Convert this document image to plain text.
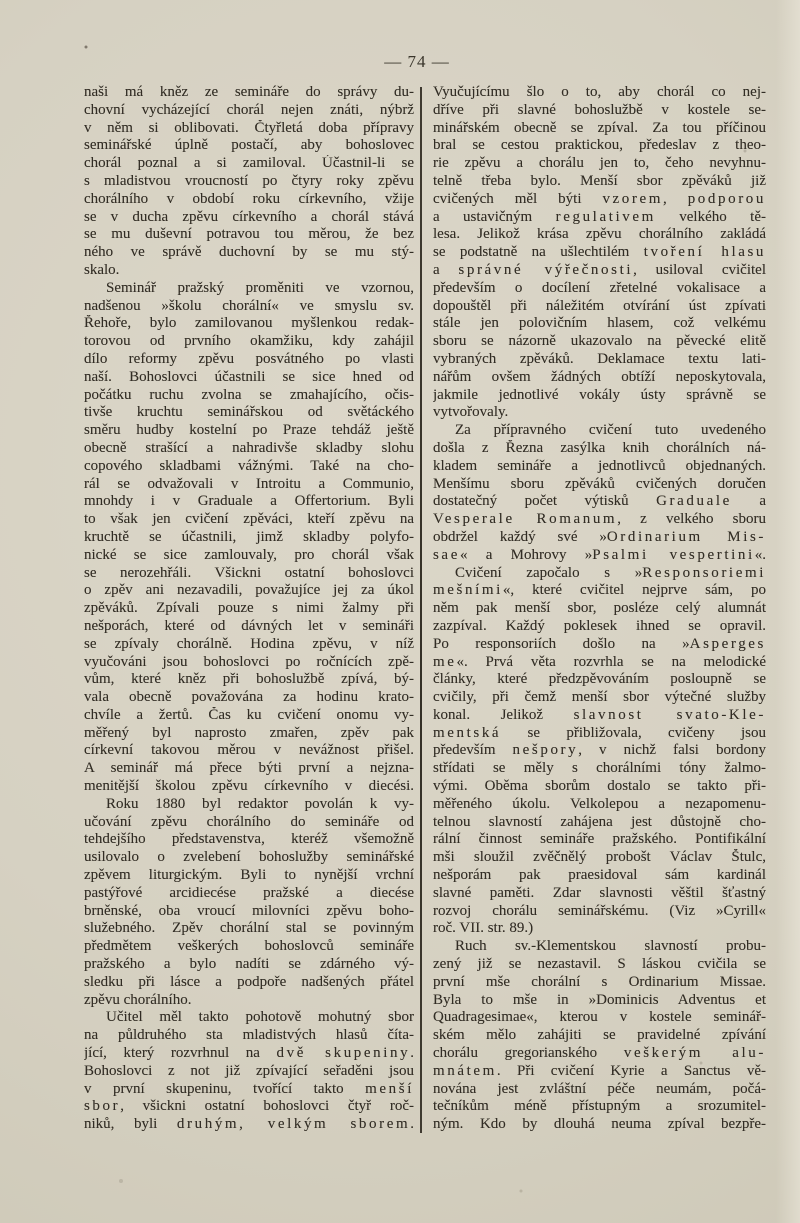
— 74 —
naši má kněz ze semináře do správy du-
chovní vycházející chorál nejen znáti, nýbrž
v něm si oblibovati. Čtyřletá doba přípravy
seminářské úplně postačí, aby bohoslovec
chorál poznal a si zamiloval. Účastnil-li se
s mladistvou vroucností po čtyry roky zpěvu
chorálního v období roku církevního, vžije
se v ducha zpěvu církevního a chorál stává
se mu duševní potravou tou měrou, že bez
ného ve správě duchovní by se mu stý-
skalo.
Seminář pražský proměniti ve vzornou,
nadšenou »školu chorální« ve smyslu sv.
Řehoře, bylo zamilovanou myšlenkou redak-
torovou od prvního okamžiku, kdy zahájil
dílo reformy zpěvu posvátného po vlasti
naší. Bohoslovci účastnili se sice hned od
počátku ruchu zvolna se zmahajícího, očis-
tivše kruchtu seminářskou od světáckého
směru hudby kostelní po Praze tehdáž ještě
obecně strašící a nahradivše skladby slohu
copového skladbami vážnými. Také na cho-
rál se odvažovali v Introitu a Communio,
mnohdy i v Graduale a Offertorium. Byli
to však jen cvičení zpěváci, kteří zpěvu na
kruchtě se účastnili, jimž skladby polyfo-
nické se sice zamlouvaly, pro chorál však
se nerozehřáli. Všickni ostatní bohoslovci
o zpěv ani nezavadili, považujíce jej za úkol
zpěváků. Zpívali pouze s nimi žalmy při
nešporách, které od dávných let v semináři
se zpívaly chorálně. Hodina zpěvu, v níž
vyučováni jsou bohoslovci po ročnících zpě-
vům, které kněz při bohoslužbě zpívá, bý-
vala obecně považována za hodinu krato-
chvíle a žertů. Čas ku cvičení onomu vy-
měřený byl naprosto zmařen, zpěv pak
církevní takovou měrou v nevážnost přišel.
A seminář má přece býti první a nejzna-
menitější školou zpěvu církevního v diecési.
Roku 1880 byl redaktor povolán k vy-
učování zpěvu chorálního do semináře od
tehdejšího představenstva, kteréž všemožně
usilovalo o zvelebení bohoslužby seminářské
zpěvem liturgickým. Byli to nynější vrchní
pastýřové arcidiecése pražské a diecése
brněnské, oba vroucí milovníci zpěvu boho-
služebného. Zpěv chorální stal se povinným
předmětem veškerých bohoslovců semináře
pražského a bylo nadíti se zdárného vý-
sledku při lásce a podpoře nadšených přátel
zpěvu chorálního.
Učitel měl takto pohotově mohutný sbor
na půldruhého sta mladistvých hlasů číta-
jící, který rozvrhnul na dvě skupeniny.
Bohoslovci z not již zpívající seřaděni jsou
v první skupeninu, tvořící takto menší
sbor, všickni ostatní bohoslovci čtyř roč-
niků, byli druhým, velkým sborem.
Vyučujícímu šlo o to, aby chorál co nej-
dříve při slavné bohoslužbě v kostele se-
minářském obecně se zpíval. Za tou příčinou
bral se cestou praktickou, předeslav z theo-
rie zpěvu a chorálu jen to, čeho nevyhnu-
telně třeba bylo. Menší sbor zpěváků již
cvičených měl býti vzorem, podporou
a ustavičným regulativem velkého tě-
lesa. Jelikož krása zpěvu chorálního zakládá
se podstatně na ušlechtilém tvoření hlasu
a správné výřečnosti, usiloval cvičitel
především o docílení zřetelné vokalisace a
dopouštěl při náležitém otvírání úst zpívati
stále jen polovičním hlasem, což velkému
sboru se názorně ukazovalo na pěvecké elitě
vybraných zpěváků. Deklamace textu lati-
nářům ovšem žádných obtíží neposkytovala,
jakmile jednotlivé vokály ústy správně se
vytvořovaly.
Za přípravného cvičení tuto uvedeného
došla z Řezna zasýlka knih chorálních ná-
kladem semináře a jednotlivců objednaných.
Menšímu sboru zpěváků cvičených doručen
dostatečný počet výtisků Graduale a
Vesperale Romanum, z velkého sboru
obdržel každý své »Ordinarium Mis-
sae« a Mohrovy »Psalmi vespertini«.
Cvičení započalo s »Responsoriemi
mešními«, které cvičitel nejprve sám, po
něm pak menší sbor, posléze celý alumnát
zazpíval. Každý poklesek ihned se opravil.
Po responsoriích došlo na »Asperges
me«. Prvá věta rozvrhla se na melodické
články, které předzpěvováním posloupně se
cvičily, při čemž menší sbor výtečné služby
konal. Jelikož slavnost svato-Kle-
mentská se přibližovala, cvičeny jsou
především nešpory, v nichž falsi bordony
střídati se měly s chorálními tóny žalmo-
vými. Oběma sborům dostalo se takto při-
měřeného úkolu. Velkolepou a nezapomenu-
telnou slavností zahájena jest důstojně cho-
rální činnost semináře pražského. Pontifikální
mši sloužil zvěčnělý probošt Václav Štulc,
nešporám pak praesidoval sám kardinál
slavné paměti. Zdar slavnosti věštil šťastný
rozvoj chorálu seminářskému. (Viz »Cyrill«
roč. VII. str. 89.)
Ruch sv.-Klementskou slavností probu-
zený již se nezastavil. S láskou cvičila se
první mše chorální s Ordinarium Missae.
Byla to mše in »Dominicis Adventus et
Quadragesimae«, kterou v kostele seminář-
ském mělo zahájiti se pravidelné zpívání
chorálu gregorianského veškerým alu-
mnátem. Při cvičení Kyrie a Sanctus vě-
nována jest zvláštní péče neumám, počá-
tečníkům méně přístupným a srozumitel-
ným. Kdo by dlouhá neuma zpíval bezpře-
